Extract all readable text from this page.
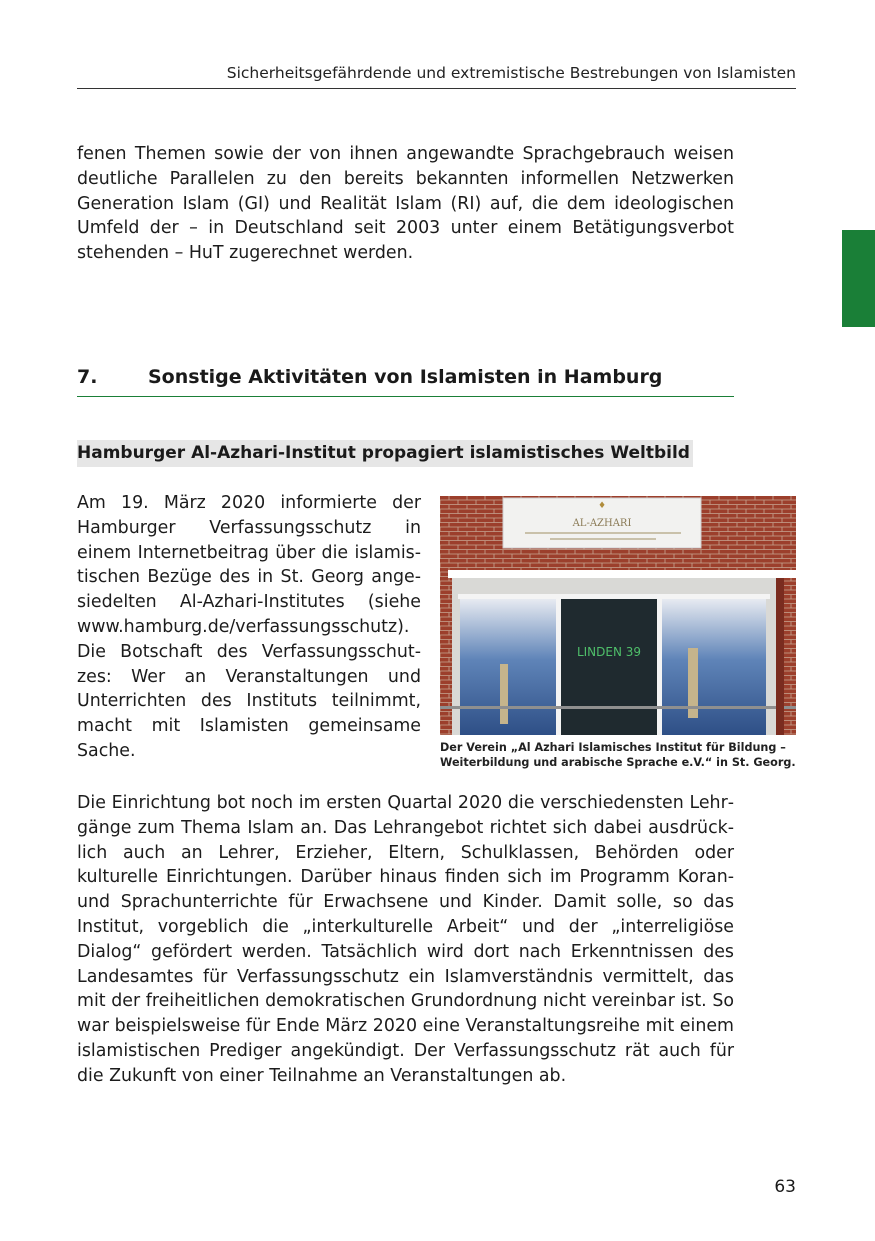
Sicherheitsgefährdende und extremistische Bestrebungen von Islamisten
fenen Themen sowie der von ihnen angewandte Sprachgebrauch weisen deutliche Parallelen zu den bereits bekannten informellen Netzwerken Generation Islam (GI) und Realität Islam (RI) auf, die dem ideologischen Umfeld der – in Deutschland seit 2003 unter einem Betätigungsverbot stehenden – HuT zugerechnet werden.
7.	Sonstige Aktivitäten von Islamisten in Hamburg
Hamburger Al-Azhari-Institut propagiert islamistisches Weltbild
Am 19. März 2020 informierte der Hamburger Verfassungsschutz in einem Internetbeitrag über die islamistischen Bezüge des in St. Georg angesiedelten Al-Azhari-Institutes (siehe www.hamburg.de/verfassungsschutz). Die Botschaft des Verfassungsschutzes: Wer an Veranstaltungen und Unterrichten des Instituts teilnimmt, macht mit Islamisten gemeinsame Sache.
♦
AL-AZHARI
LINDEN 39
Der Verein „Al Azhari Islamisches Institut für Bildung – Weiterbildung und arabische Sprache e.V.“ in St. Georg.
Die Einrichtung bot noch im ersten Quartal 2020 die verschiedensten Lehrgänge zum Thema Islam an. Das Lehrangebot richtet sich dabei ausdrücklich auch an Lehrer, Erzieher, Eltern, Schulklassen, Behörden oder kulturelle Einrichtungen. Darüber hinaus finden sich im Programm Koran- und Sprachunterrichte für Erwachsene und Kinder. Damit solle, so das Institut, vorgeblich die „interkulturelle Arbeit“ und der „interreligiöse Dialog“ gefördert werden. Tatsächlich wird dort nach Erkenntnissen des Landesamtes für Verfassungsschutz ein Islamverständnis vermittelt, das mit der freiheitlichen demokratischen Grundordnung nicht vereinbar ist. So war beispielsweise für Ende März 2020 eine Veranstaltungsreihe mit einem islamistischen Prediger angekündigt. Der Verfassungsschutz rät auch für die Zukunft von einer Teilnahme an Veranstaltungen ab.
63
